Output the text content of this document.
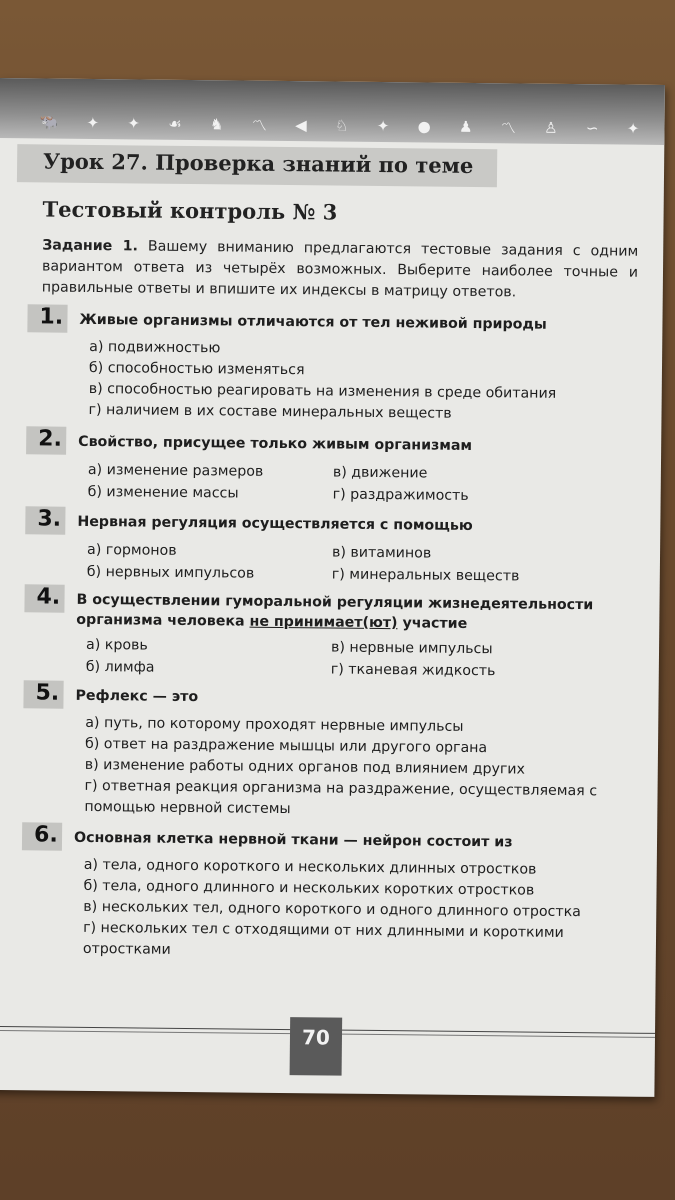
🐃 ✦ ✦ ☙ ♞ 〽 ◀ ♘ ✦ ● ♟ 〽 ♙ ∽ ✦
Урок 27. Проверка знаний по теме
Тестовый контроль № 3
Задание 1. Вашему вниманию предлагаются тестовые задания с одним вариантом ответа из четырёх возможных. Выберите наиболее точные и правильные ответы и впишите их индексы в матрицу ответов.
1. Живые организмы отличаются от тел неживой природы
а) подвижностью
б) способностью изменяться
в) способностью реагировать на изменения в среде обитания
г) наличием в их составе минеральных веществ
2. Свойство, присущее только живым организмам
а) изменение размеров	в) движение
б) изменение массы	г) раздражимость
3. Нервная регуляция осуществляется с помощью
а) гормонов	в) витаминов
б) нервных импульсов	г) минеральных веществ
4. В осуществлении гуморальной регуляции жизнедеятельности организма человека не принимает(ют) участие
а) кровь	в) нервные импульсы
б) лимфа	г) тканевая жидкость
5. Рефлекс — это
а) путь, по которому проходят нервные импульсы
б) ответ на раздражение мышцы или другого органа
в) изменение работы одних органов под влиянием других
г) ответная реакция организма на раздражение, осуществляемая с помощью нервной системы
6. Основная клетка нервной ткани — нейрон состоит из
а) тела, одного короткого и нескольких длинных отростков
б) тела, одного длинного и нескольких коротких отростков
в) нескольких тел, одного короткого и одного длинного отростка
г) нескольких тел с отходящими от них длинными и короткими отростками
70
